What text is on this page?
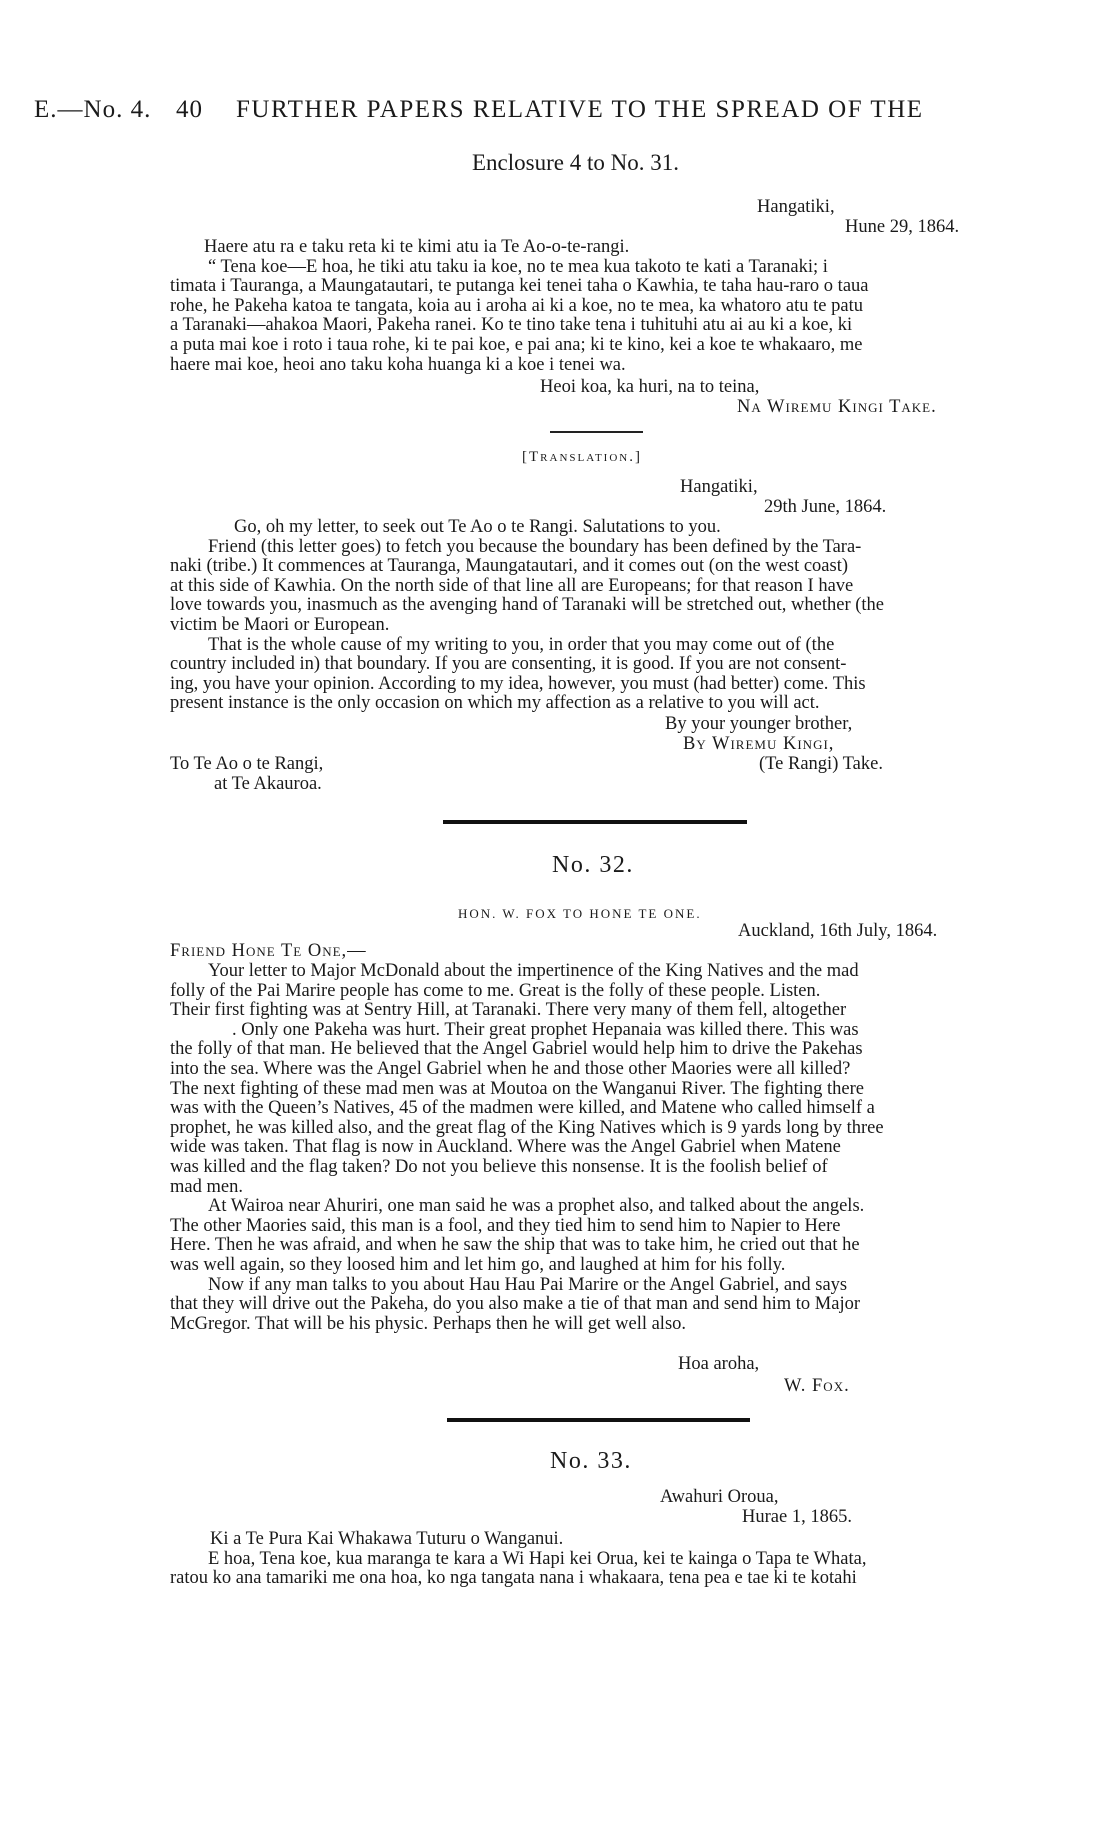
E.—No. 4. 40 FURTHER PAPERS RELATIVE TO THE SPREAD OF THE
Enclosure 4 to No. 31.
Hangatiki,
Hune 29, 1864.

Haere atu ra e taku reta ki te kimi atu ia Te Ao-o-te-rangi.

“ Tena koe—E hoa, he tiki atu taku ia koe, no te mea kua takoto te kati a Taranaki; i

timata i Tauranga, a Maungatautari, te putanga kei tenei taha o Kawhia, te taha hau-raro o taua

rohe, he Pakeha katoa te tangata, koia au i aroha ai ki a koe, no te mea, ka whatoro atu te patu

a Taranaki—ahakoa Maori, Pakeha ranei. Ko te tino take tena i tuhituhi atu ai au ki a koe, ki

a puta mai koe i roto i taua rohe, ki te pai koe, e pai ana; ki te kino, kei a koe te whakaaro, me

haere mai koe, heoi ano taku koha huanga ki a koe i tenei wa.

Heoi koa, ka huri, na to teina,
Na Wiremu Kingi Take.
[Translation.]
Hangatiki,
29th June, 1864.

Go, oh my letter, to seek out Te Ao o te Rangi. Salutations to you.

Friend (this letter goes) to fetch you because the boundary has been defined by the Tara-

naki (tribe.) It commences at Tauranga, Maungatautari, and it comes out (on the west coast)

at this side of Kawhia. On the north side of that line all are Europeans; for that reason I have

love towards you, inasmuch as the avenging hand of Taranaki will be stretched out, whether (the

victim be Maori or European.

That is the whole cause of my writing to you, in order that you may come out of (the

country included in) that boundary. If you are consenting, it is good. If you are not consent-

ing, you have your opinion. According to my idea, however, you must (had better) come. This

present instance is the only occasion on which my affection as a relative to you will act.

By your younger brother,
By Wiremu Kingi,
To Te Ao o te Rangi,	(Te Rangi) Take.
at Te Akauroa.
No. 32.
HON. W. FOX TO HONE TE ONE.
Auckland, 16th July, 1864.
Friend Hone Te One,—

Your letter to Major McDonald about the impertinence of the King Natives and the mad

folly of the Pai Marire people has come to me. Great is the folly of these people. Listen.

Their first fighting was at Sentry Hill, at Taranaki. There very many of them fell, altogether

. Only one Pakeha was hurt. Their great prophet Hepanaia was killed there. This was

the folly of that man. He believed that the Angel Gabriel would help him to drive the Pakehas

into the sea. Where was the Angel Gabriel when he and those other Maories were all killed?

The next fighting of these mad men was at Moutoa on the Wanganui River. The fighting there

was with the Queen’s Natives, 45 of the madmen were killed, and Matene who called himself a

prophet, he was killed also, and the great flag of the King Natives which is 9 yards long by three

wide was taken. That flag is now in Auckland. Where was the Angel Gabriel when Matene

was killed and the flag taken? Do not you believe this nonsense. It is the foolish belief of

mad men.

At Wairoa near Ahuriri, one man said he was a prophet also, and talked about the angels.

The other Maories said, this man is a fool, and they tied him to send him to Napier to Here

Here. Then he was afraid, and when he saw the ship that was to take him, he cried out that he

was well again, so they loosed him and let him go, and laughed at him for his folly.

Now if any man talks to you about Hau Hau Pai Marire or the Angel Gabriel, and says

that they will drive out the Pakeha, do you also make a tie of that man and send him to Major

McGregor. That will be his physic. Perhaps then he will get well also.

Hoa aroha,
W. Fox.
No. 33.
Awahuri Oroua,
Hurae 1, 1865.

Ki a Te Pura Kai Whakawa Tuturu o Wanganui.

E hoa, Tena koe, kua maranga te kara a Wi Hapi kei Orua, kei te kainga o Tapa te Whata,

ratou ko ana tamariki me ona hoa, ko nga tangata nana i whakaara, tena pea e tae ki te kotahi
